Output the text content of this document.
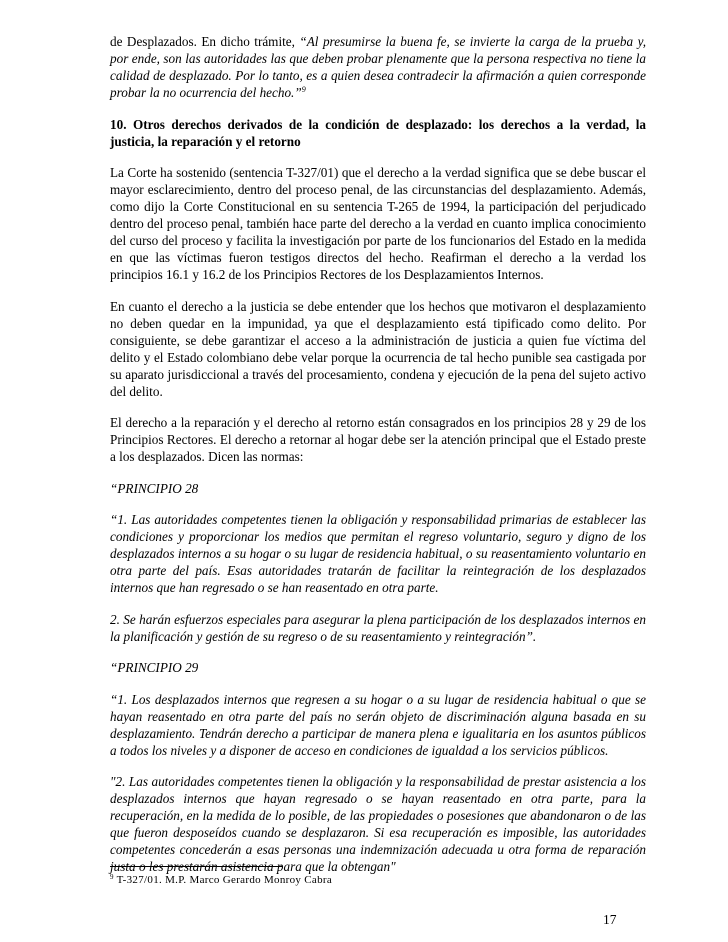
de Desplazados. En dicho trámite, “Al presumirse la buena fe, se invierte la carga de la prueba y, por ende, son las autoridades las que deben probar plenamente que la persona respectiva no tiene la calidad de desplazado. Por lo tanto, es a quien desea contradecir la afirmación a quien corresponde probar la no ocurrencia del hecho.”$^9$

10. Otros derechos derivados de la condición de desplazado: los derechos a la verdad, la justicia, la reparación y el retorno

La Corte ha sostenido (sentencia T-327/01) que el derecho a la verdad significa que se debe buscar el mayor esclarecimiento, dentro del proceso penal, de las circunstancias del desplazamiento. Además, como dijo la Corte Constitucional en su sentencia T-265 de 1994, la participación del perjudicado dentro del proceso penal, también hace parte del derecho a la verdad en cuanto implica conocimiento del curso del proceso y facilita la investigación por parte de los funcionarios del Estado en la medida en que las víctimas fueron testigos directos del hecho. Reafirman el derecho a la verdad los principios 16.1 y 16.2 de los Principios Rectores de los Desplazamientos Internos.

En cuanto el derecho a la justicia se debe entender que los hechos que motivaron el desplazamiento no deben quedar en la impunidad, ya que el desplazamiento está tipificado como delito. Por consiguiente, se debe garantizar el acceso a la administración de justicia a quien fue víctima del delito y el Estado colombiano debe velar porque la ocurrencia de tal hecho punible sea castigada por su aparato jurisdiccional a través del procesamiento, condena y ejecución de la pena del sujeto activo del delito.

El derecho a la reparación y el derecho al retorno están consagrados en los principios 28 y 29 de los Principios Rectores. El derecho a retornar al hogar debe ser la atención principal que el Estado preste a los desplazados. Dicen las normas:

“PRINCIPIO 28

“1. Las autoridades competentes tienen la obligación y responsabilidad primarias de establecer las condiciones y proporcionar los medios que permitan el regreso voluntario, seguro y digno de los desplazados internos a su hogar o su lugar de residencia habitual, o su reasentamiento voluntario en otra parte del país. Esas autoridades tratarán de facilitar la reintegración de los desplazados internos que han regresado o se han reasentado en otra parte.

2. Se harán esfuerzos especiales para asegurar la plena participación de los desplazados internos en la planificación y gestión de su regreso o de su reasentamiento y reintegración”.

“PRINCIPIO 29

“1. Los desplazados internos que regresen a su hogar o a su lugar de residencia habitual o que se hayan reasentado en otra parte del país no serán objeto de discriminación alguna basada en su desplazamiento. Tendrán derecho a participar de manera plena e igualitaria en los asuntos públicos a todos los niveles y a disponer de acceso en condiciones de igualdad a los servicios públicos.

"2. Las autoridades competentes tienen la obligación y la responsabilidad de prestar asistencia a los desplazados internos que hayan regresado o se hayan reasentado en otra parte, para la recuperación, en la medida de lo posible, de las propiedades o posesiones que abandonaron o de las que fueron desposeídos cuando se desplazaron. Si esa recuperación es imposible, las autoridades competentes concederán a esas personas una indemnización adecuada u otra forma de reparación justa o les prestarán asistencia para que la obtengan"

$^9$ T-327/01. M.P. Marco Gerardo Monroy Cabra
17
